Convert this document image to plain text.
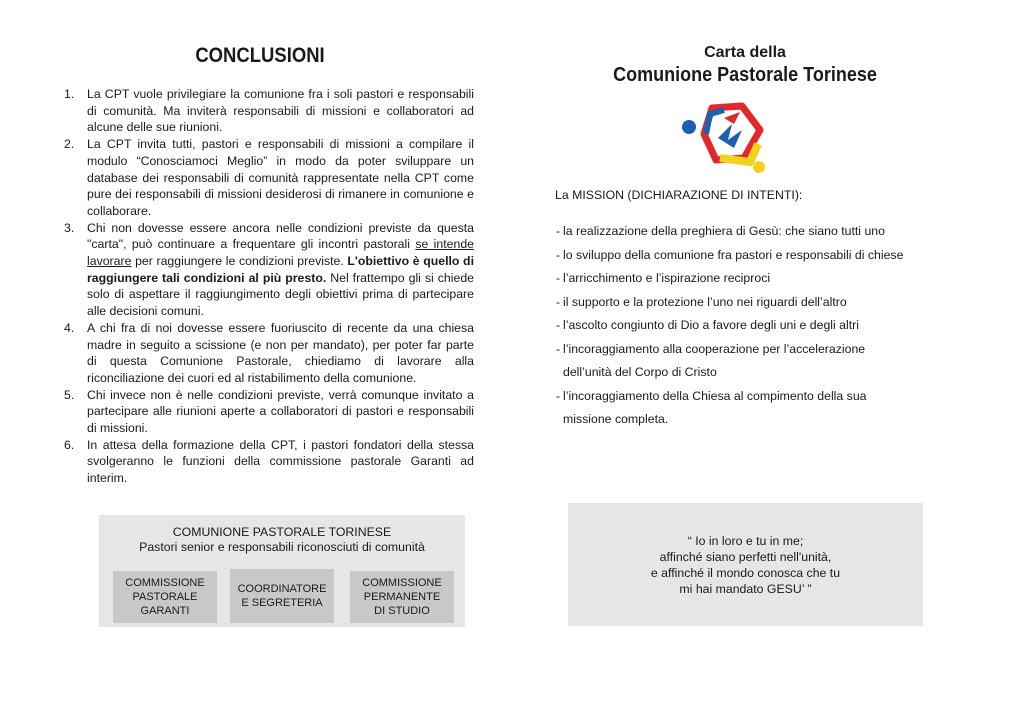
CONCLUSIONI
1. La CPT vuole privilegiare la comunione fra i soli pastori e responsabili di comunità. Ma inviterà responsabili di missioni e collaboratori ad alcune delle sue riunioni.
2. La CPT invita tutti, pastori e responsabili di missioni a compilare il modulo “Conosciamoci Meglio” in modo da poter sviluppare un database dei responsabili di comunità rappresentate nella CPT come pure dei responsabili di missioni desiderosi di rimanere in comunione e collaborare.
3. Chi non dovesse essere ancora nelle condizioni previste da questa "carta", può continuare a frequentare gli incontri pastorali se intende lavorare per raggiungere le condizioni previste. L'obiettivo è quello di raggiungere tali condizioni al più presto. Nel frattempo gli si chiede solo di aspettare il raggiungimento degli obiettivi prima di partecipare alle decisioni comuni.
4. A chi fra di noi dovesse essere fuoriuscito di recente da una chiesa madre in seguito a scissione (e non per mandato), per poter far parte di questa Comunione Pastorale, chiediamo di lavorare alla riconciliazione dei cuori ed al ristabilimento della comunione.
5. Chi invece non è nelle condizioni previste, verrà comunque invitato a partecipare alle riunioni aperte a collaboratori di pastori e responsabili di missioni.
6. In attesa della formazione della CPT, i pastori fondatori della stessa svolgeranno le funzioni della commissione pastorale Garanti ad interim.
COMUNIONE PASTORALE TORINESE
Pastori senior e responsabili riconosciuti di comunità
COMMISSIONE
PASTORALE
GARANTI
COORDINATORE
E SEGRETERIA
COMMISSIONE
PERMANENTE
DI STUDIO
Carta della
Comunione Pastorale Torinese
La MISSION (DICHIARAZIONE DI INTENTI):
- la realizzazione della preghiera di Gesù: che siano tutti uno
- lo sviluppo della comunione fra pastori e responsabili di chiese
- l’arricchimento e l’ispirazione reciproci
- il supporto e la protezione l’uno nei riguardi dell’altro
- l’ascolto congiunto di Dio a favore degli uni e degli altri
- l’incoraggiamento alla cooperazione per l’accelerazione dell’unità del Corpo di Cristo
- l’incoraggiamento della Chiesa al compimento della sua missione completa.
“ Io in loro e tu in me;
affinché siano perfetti nell'unità,
e affinché il mondo conosca che tu
mi hai mandato GESU’ ”
